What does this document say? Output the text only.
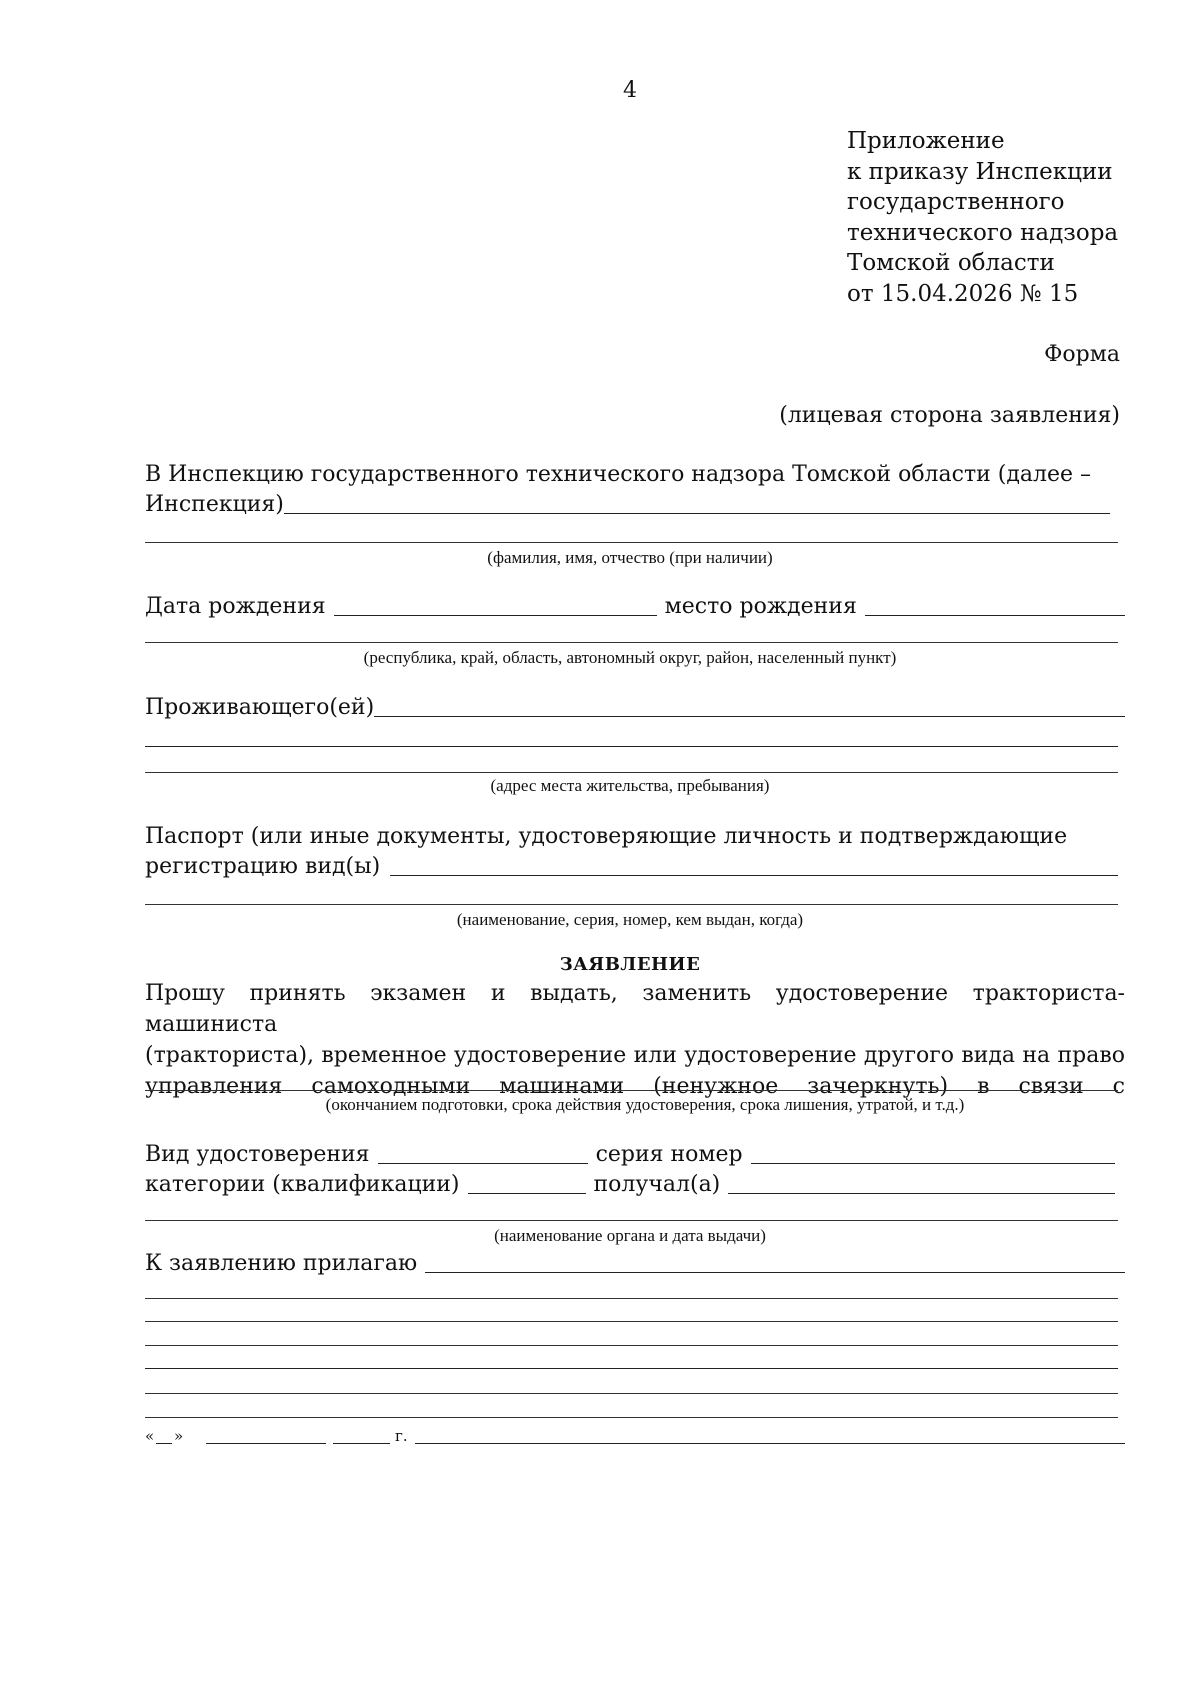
4
Приложение
к приказу Инспекции
государственного
технического надзора
Томской области
от 15.04.2026 № 15
Форма
(лицевая сторона заявления)
В Инспекцию государственного технического надзора Томской области (далее –
Инспекция)
(фамилия, имя, отчество (при наличии)
Дата рождения	место рождения
(республика, край, область, автономный округ, район, населенный пункт)
Проживающего(ей)
(адрес места жительства, пребывания)
Паспорт (или иные документы, удостоверяющие личность и подтверждающие
регистрацию вид(ы)
(наименование, серия, номер, кем выдан, когда)
ЗАЯВЛЕНИЕ
Прошу принять экзамен и выдать, заменить удостоверение тракториста-машиниста
(тракториста), временное удостоверение или удостоверение другого вида на право
управления самоходными машинами (ненужное зачеркнуть) в связи с
(окончанием подготовки, срока действия удостоверения, срока лишения, утратой, и т.д.)
Вид удостоверения	серия номер
категории (квалификации)	получал(а)
(наименование органа и дата выдачи)
К заявлению прилагаю
« »	г.
